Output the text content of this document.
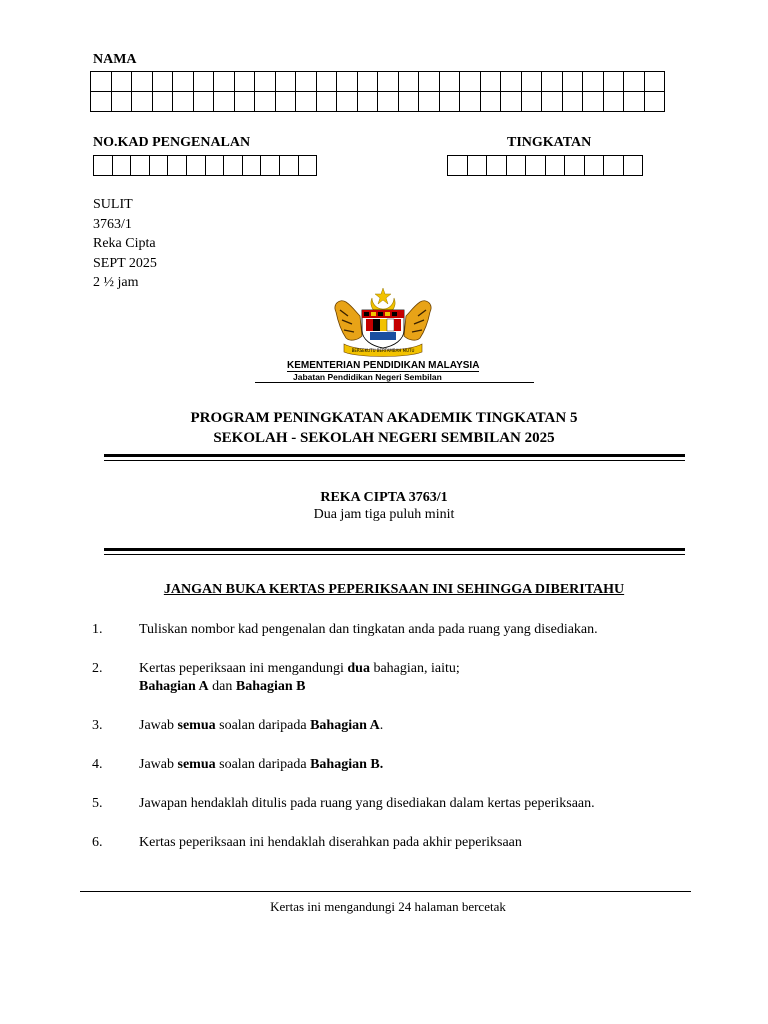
NAMA
NO.KAD PENGENALAN	TINGKATAN
SULIT
3763/1
Reka Cipta
SEPT 2025
2 ½ jam
BERSEKUTU BERTAMBAH MUTU
KEMENTERIAN PENDIDIKAN MALAYSIA
Jabatan Pendidikan Negeri Sembilan
PROGRAM PENINGKATAN AKADEMIK TINGKATAN 5
SEKOLAH - SEKOLAH NEGERI SEMBILAN 2025
REKA CIPTA 3763/1
Dua jam tiga puluh minit
JANGAN BUKA KERTAS PEPERIKSAAN INI SEHINGGA DIBERITAHU
1.	Tuliskan nombor kad pengenalan dan tingkatan anda pada ruang yang disediakan.
2.	Kertas peperiksaan ini mengandungi dua bahagian, iaitu;
Bahagian A dan Bahagian B
3.	Jawab semua soalan daripada Bahagian A.
4.	Jawab semua soalan daripada Bahagian B.
5.	Jawapan hendaklah ditulis pada ruang yang disediakan dalam kertas peperiksaan.
6.	Kertas peperiksaan ini hendaklah diserahkan pada akhir peperiksaan
Kertas ini mengandungi 24 halaman bercetak
